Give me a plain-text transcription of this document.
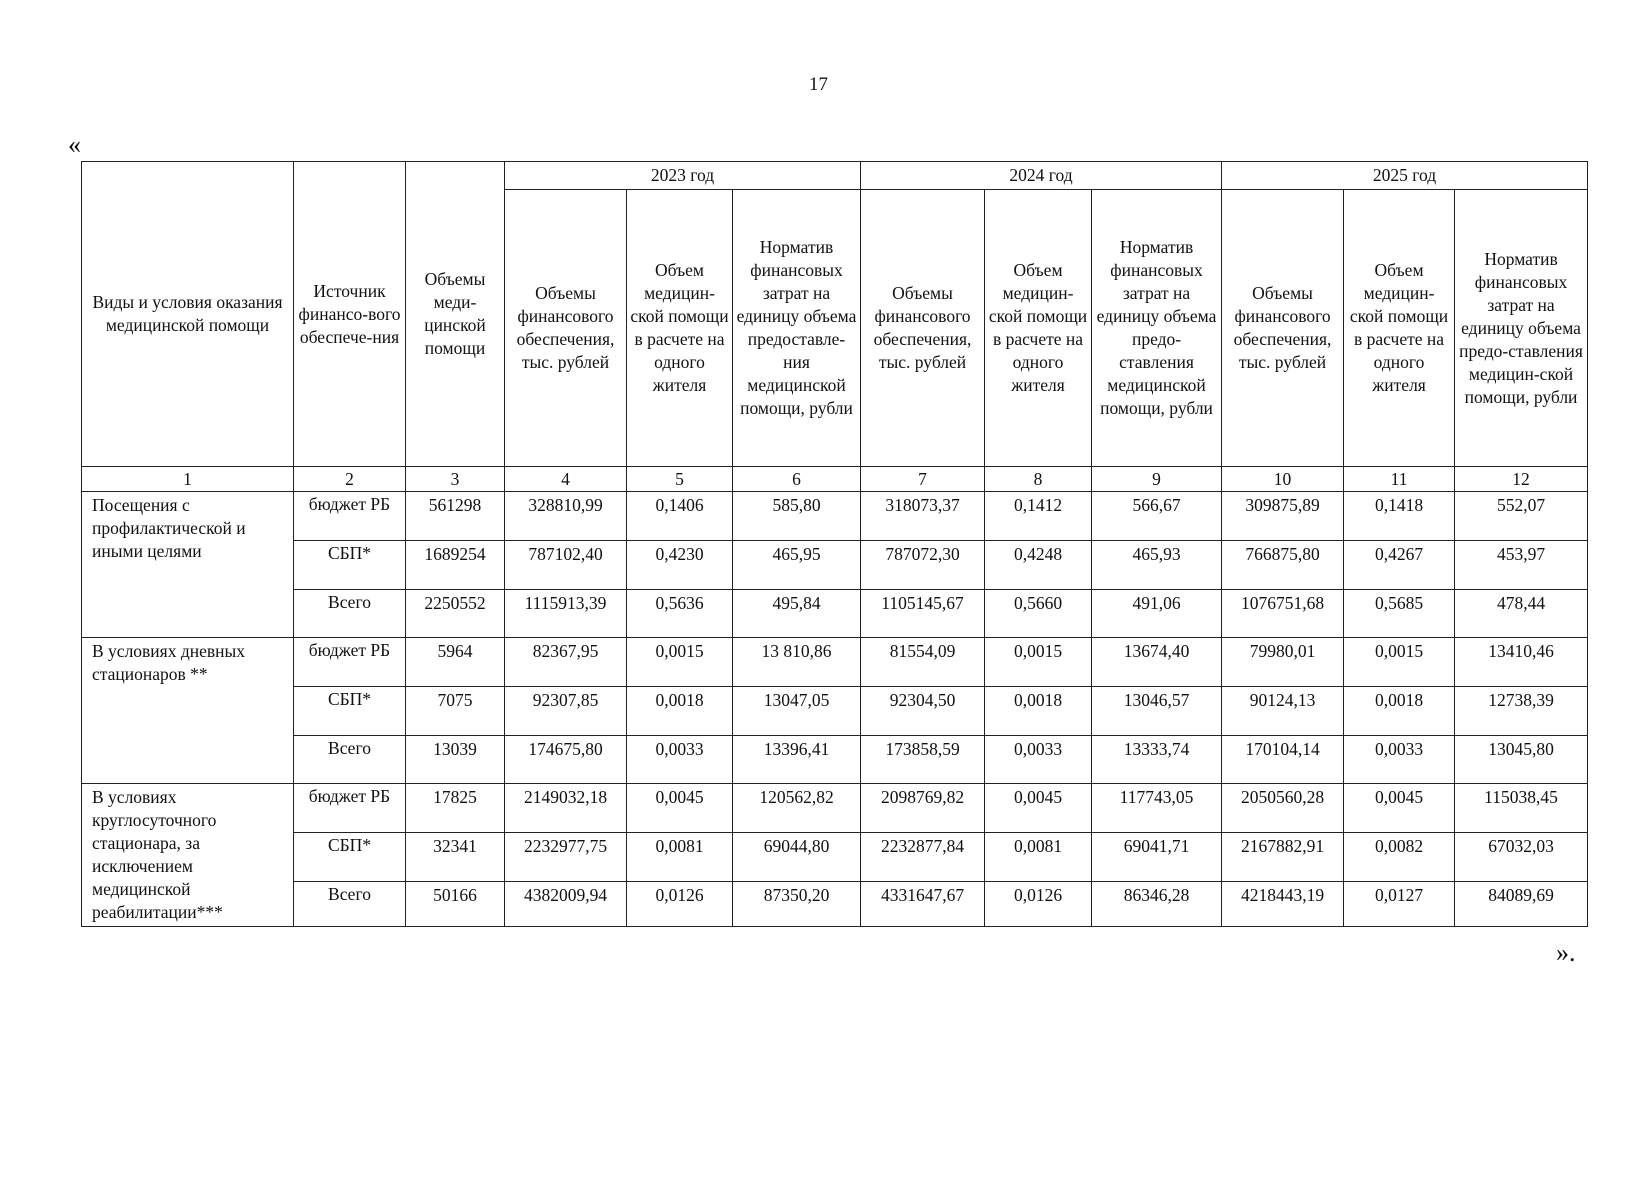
17
«
Виды и условия оказания медицинской помощи	Источник финансо-вого обеспече-ния	Объемы меди-цинской помощи	2023 год			2024 год			2025 год		
			Объемы финансового обеспечения, тыс. рублей	Объем медицин-ской помощи в расчете на одного жителя	Норматив финансовых затрат на единицу объема предоставле-ния медицинской помощи, рубли	Объемы финансового обеспечения, тыс. рублей	Объем медицин-ской помощи в расчете на одного жителя	Норматив финансовых затрат на единицу объема предо-ставления медицинской помощи, рубли	Объемы финансового обеспечения, тыс. рублей	Объем медицин-ской помощи в расчете на одного жителя	Норматив финансовых затрат на единицу объема предо-ставления медицин-ской помощи, рубли
1	2	3	4	5	6	7	8	9	10	11	12
Посещения с профилактической и иными целями	бюджет РБ	561298	328810,99	0,1406	585,80	318073,37	0,1412	566,67	309875,89	0,1418	552,07
	СБП*	1689254	787102,40	0,4230	465,95	787072,30	0,4248	465,93	766875,80	0,4267	453,97
	Всего	2250552	1115913,39	0,5636	495,84	1105145,67	0,5660	491,06	1076751,68	0,5685	478,44
В условиях дневных стационаров **	бюджет РБ	5964	82367,95	0,0015	13 810,86	81554,09	0,0015	13674,40	79980,01	0,0015	13410,46
	СБП*	7075	92307,85	0,0018	13047,05	92304,50	0,0018	13046,57	90124,13	0,0018	12738,39
	Всего	13039	174675,80	0,0033	13396,41	173858,59	0,0033	13333,74	170104,14	0,0033	13045,80
В условиях круглосуточного стационара, за исключением медицинской реабилитации***	бюджет РБ	17825	2149032,18	0,0045	120562,82	2098769,82	0,0045	117743,05	2050560,28	0,0045	115038,45
	СБП*	32341	2232977,75	0,0081	69044,80	2232877,84	0,0081	69041,71	2167882,91	0,0082	67032,03
	Всего	50166	4382009,94	0,0126	87350,20	4331647,67	0,0126	86346,28	4218443,19	0,0127	84089,69
».
